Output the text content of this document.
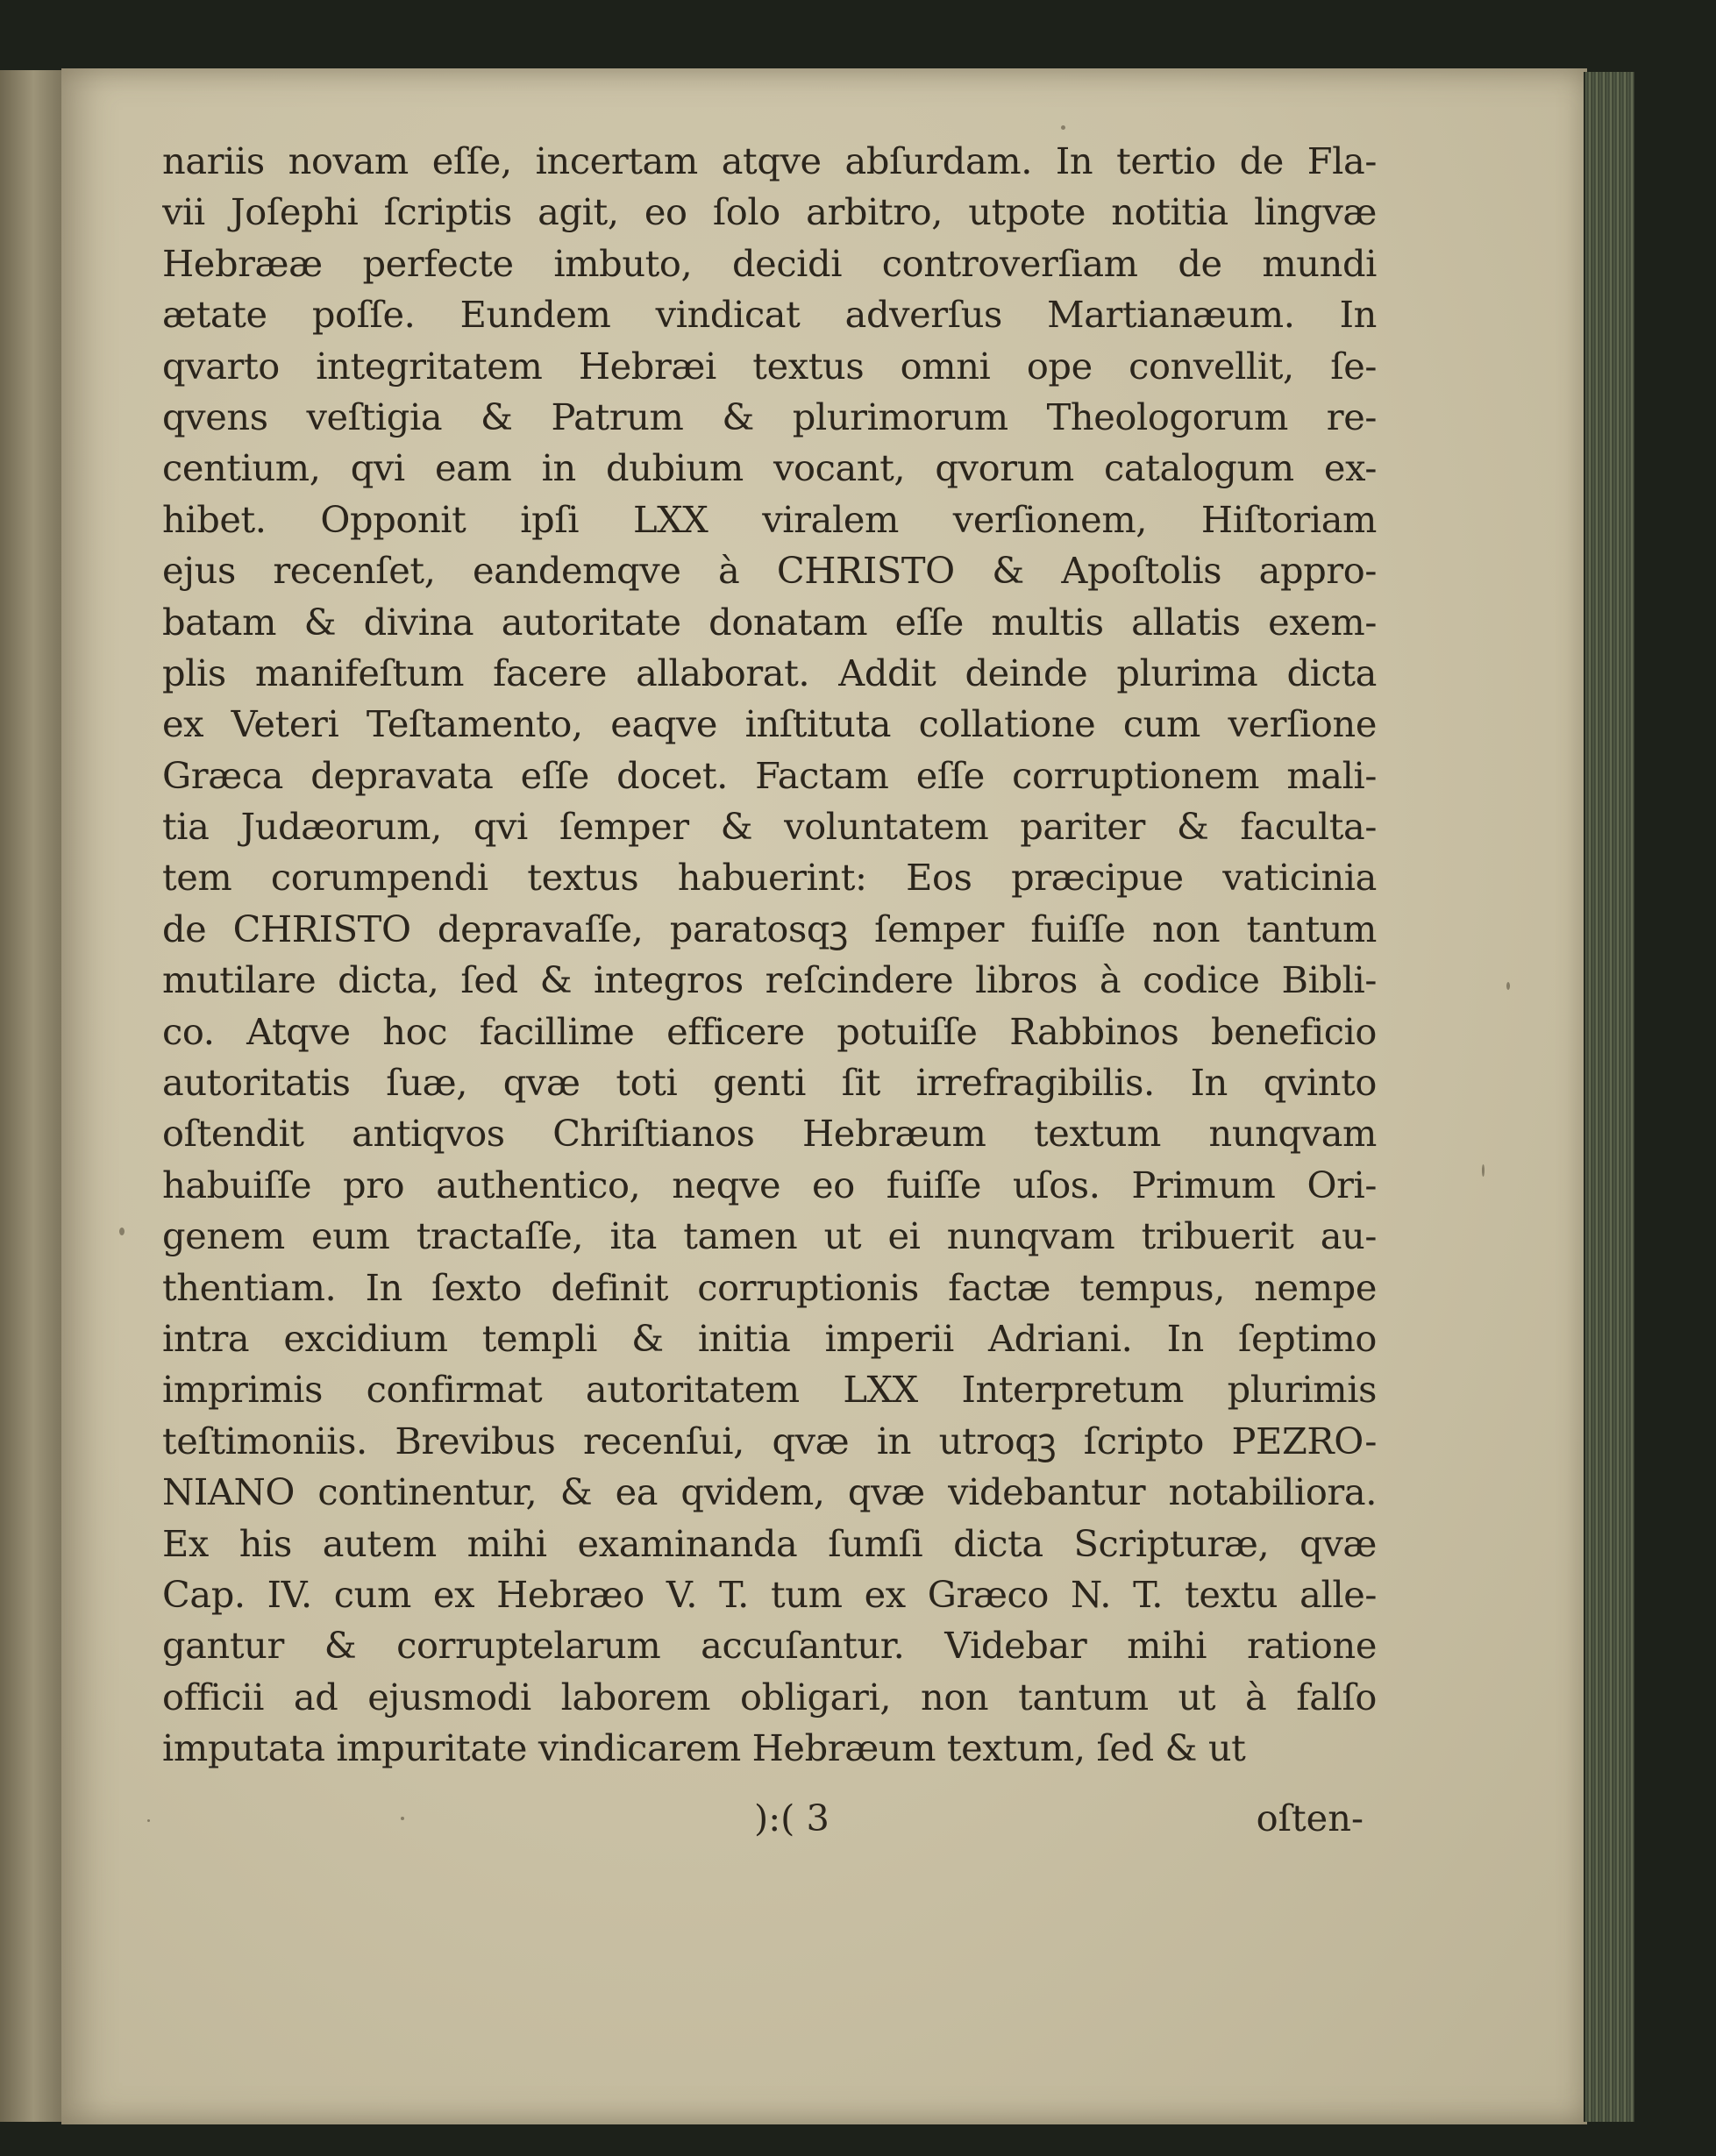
nariis novam eſſe, incertam atqve abſurdam. In tertio de Fla-
vii Joſephi ſcriptis agit, eo ſolo arbitro, utpote notitia lingvæ
Hebrææ perfecte imbuto, decidi controverſiam de mundi
ætate poſſe. Eundem vindicat adverſus Martianæum. In
qvarto integritatem Hebræi textus omni ope convellit, ſe-
qvens veſtigia & Patrum & plurimorum Theologorum re-
centium, qvi eam in dubium vocant, qvorum catalogum ex-
hibet. Opponit ipſi LXX viralem verſionem, Hiſtoriam
ejus recenſet, eandemqve à CHRISTO & Apoſtolis appro-
batam & divina autoritate donatam eſſe multis allatis exem-
plis manifeſtum facere allaborat. Addit deinde plurima dicta
ex Veteri Teſtamento, eaqve inſtituta collatione cum verſione
Græca depravata eſſe docet. Factam eſſe corruptionem mali-
tia Judæorum, qvi ſemper & voluntatem pariter & faculta-
tem corumpendi textus habuerint: Eos præcipue vaticinia
de CHRISTO depravaſſe, paratosqꝫ ſemper fuiſſe non tantum
mutilare dicta, ſed & integros reſcindere libros à codice Bibli-
co. Atqve hoc facillime efficere potuiſſe Rabbinos beneficio
autoritatis ſuæ, qvæ toti genti ſit irrefragibilis. In qvinto
oſtendit antiqvos Chriſtianos Hebræum textum nunqvam
habuiſſe pro authentico, neqve eo fuiſſe uſos. Primum Ori-
genem eum tractaſſe, ita tamen ut ei nunqvam tribuerit au-
thentiam. In ſexto definit corruptionis factæ tempus, nempe
intra excidium templi & initia imperii Adriani. In ſeptimo
imprimis confirmat autoritatem LXX Interpretum plurimis
teſtimoniis. Brevibus recenſui, qvæ in utroqꝫ ſcripto PEZRO-
NIANO continentur, & ea qvidem, qvæ videbantur notabiliora.
Ex his autem mihi examinanda ſumſi dicta Scripturæ, qvæ
Cap. IV. cum ex Hebræo V. T. tum ex Græco N. T. textu alle-
gantur & corruptelarum accuſantur. Videbar mihi ratione
officii ad ejusmodi laborem obligari, non tantum ut à falſo
imputata impuritate vindicarem Hebræum textum, ſed & ut
):( 3	oſten-
